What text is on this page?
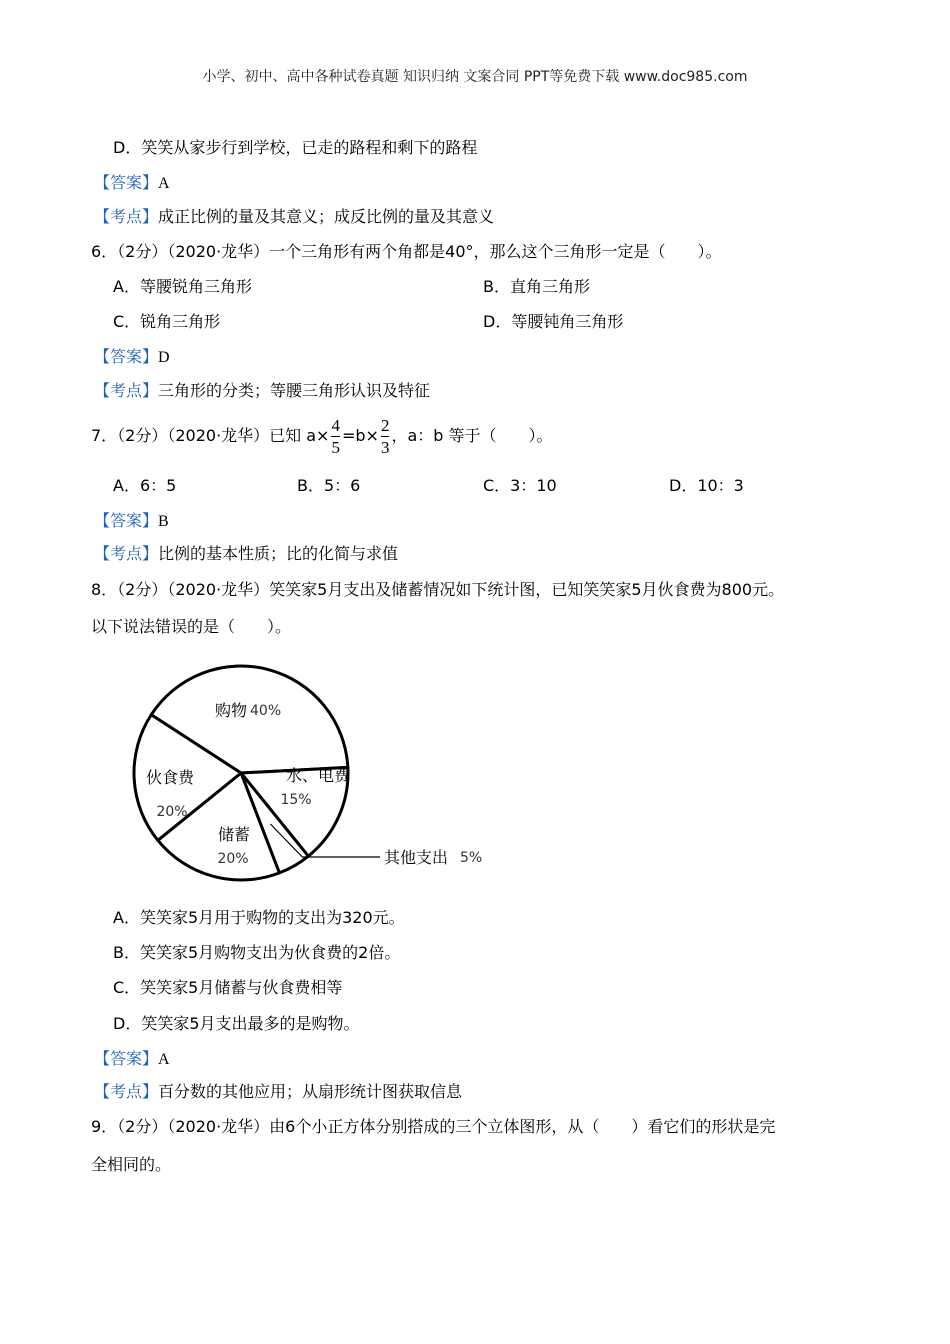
小学、初中、高中各种试卷真题 知识归纳 文案合同 PPT等免费下载 www.doc985.com
D．笑笑从家步行到学校，已走的路程和剩下的路程
【答案】A
【考点】成正比例的量及其意义；成反比例的量及其意义
6．（2分）（2020·龙华）一个三角形有两个角都是40°，那么这个三角形一定是（　　）。
A．等腰锐角三角形	B．直角三角形
C．锐角三角形	D．等腰钝角三角形
【答案】D
【考点】三角形的分类；等腰三角形认识及特征
7．（2分）（2020·龙华）已知 $a\times \frac{4}{5} =b\times \frac{2}{3}$ ，a：b 等于（　　）。
A．6：5	B．5：6	C．3：10	D．10：3
【答案】B
【考点】比例的基本性质；比的化简与求值
8．（2分）（2020·龙华）笑笑家5月支出及储蓄情况如下统计图，已知笑笑家5月伙食费为800元。
以下说法错误的是（　　）。
购物 40%
水、电费
15%
其他支出 5%
储蓄
20%
伙食费
20%
A．笑笑家5月用于购物的支出为320元。
B．笑笑家5月购物支出为伙食费的2倍。
C．笑笑家5月储蓄与伙食费相等
D．笑笑家5月支出最多的是购物。
【答案】A
【考点】百分数的其他应用；从扇形统计图获取信息
9．（2分）（2020·龙华）由6个小正方体分别搭成的三个立体图形，从（　　）看它们的形状是完
全相同的。
